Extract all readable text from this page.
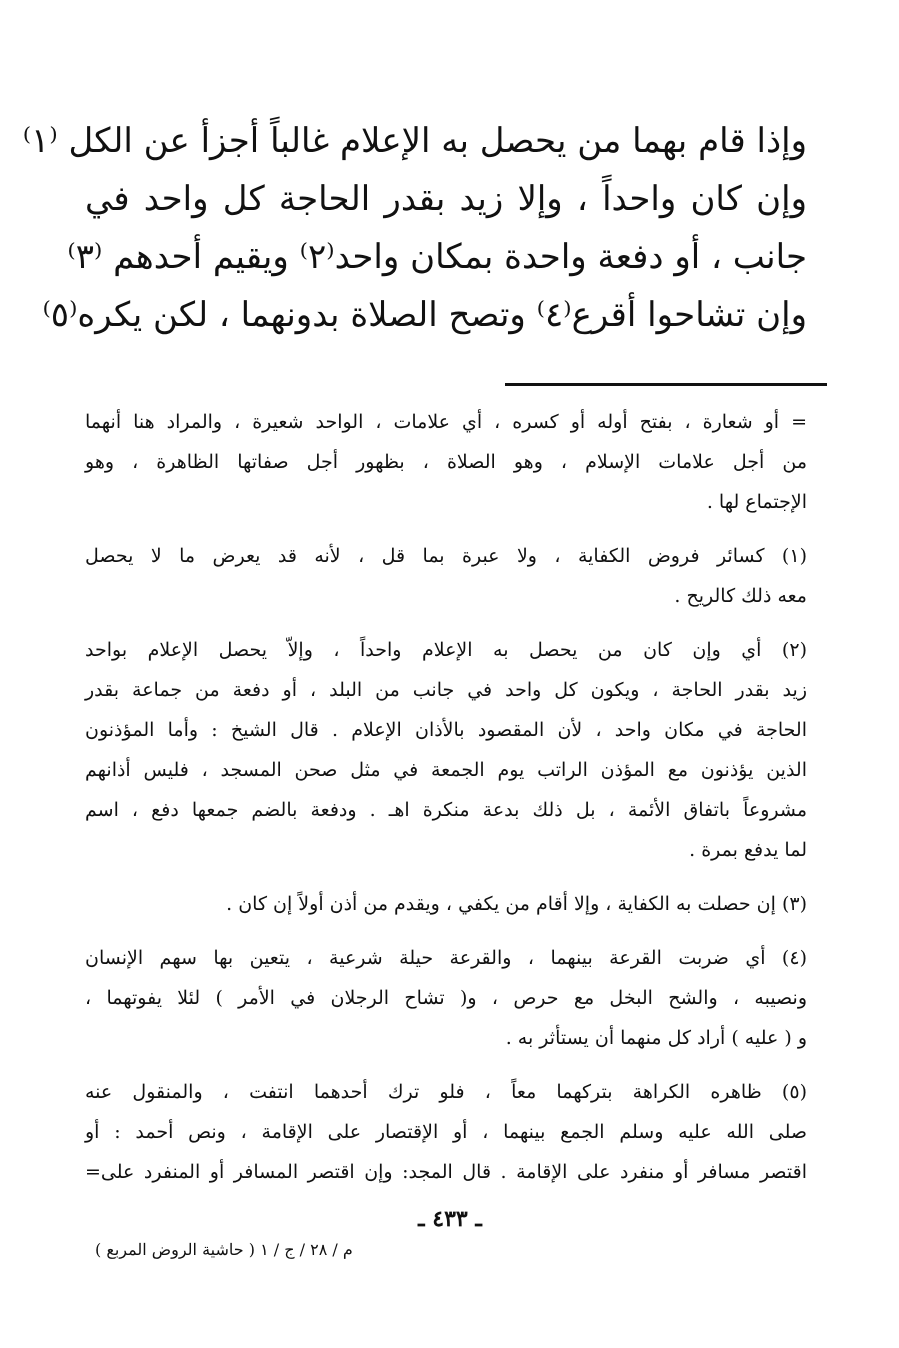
وإذا قام بهما من يحصل به الإعلام غالباً أجزأ عن الكل ⁽١⁾
وإن كان واحداً ، وإلا زيد بقدر الحاجة كل واحد في
جانب ، أو دفعة واحدة بمكان واحد⁽٢⁾ ويقيم أحدهم ⁽٣⁾
وإن تشاحوا أقرع⁽٤⁾ وتصح الصلاة بدونهما ، لكن يكره⁽٥⁾
= أو شعارة ، بفتح أوله أو كسره ، أي علامات ، الواحد شعيرة ، والمراد هنا أنهما
من أجل علامات الإسلام ، وهو الصلاة ، بظهور أجل صفاتها الظاهرة ، وهو
الإجتماع لها .
(١) كسائر فروض الكفاية ، ولا عبرة بما قل ، لأنه قد يعرض ما لا يحصل
معه ذلك كالريح .
(٢) أي وإن كان من يحصل به الإعلام واحداً ، وإلاّ يحصل الإعلام بواحد
زيد بقدر الحاجة ، ويكون كل واحد في جانب من البلد ، أو دفعة من جماعة بقدر
الحاجة في مكان واحد ، لأن المقصود بالأذان الإعلام . قال الشيخ : وأما المؤذنون
الذين يؤذنون مع المؤذن الراتب يوم الجمعة في مثل صحن المسجد ، فليس أذانهم
مشروعاً باتفاق الأئمة ، بل ذلك بدعة منكرة اهـ . ودفعة بالضم جمعها دفع ، اسم
لما يدفع بمرة .
(٣) إن حصلت به الكفاية ، وإلا أقام من يكفي ، ويقدم من أذن أولاً إن كان .
(٤) أي ضربت القرعة بينهما ، والقرعة حيلة شرعية ، يتعين بها سهم الإنسان
ونصيبه ، والشح البخل مع حرص ، و( تشاح الرجلان في الأمر ) لئلا يفوتهما ،
و ( عليه ) أراد كل منهما أن يستأثر به .
(٥) ظاهره الكراهة بتركهما معاً ، فلو ترك أحدهما انتفت ، والمنقول عنه
صلى الله عليه وسلم الجمع بينهما ، أو الإقتصار على الإقامة ، ونص أحمد : أو
اقتصر مسافر أو منفرد على الإقامة . قال المجد: وإن اقتصر المسافر أو المنفرد على=
ـ ٤٣٣ ـ
م / ٢٨ / ج / ١ ( حاشية الروض المربع )
